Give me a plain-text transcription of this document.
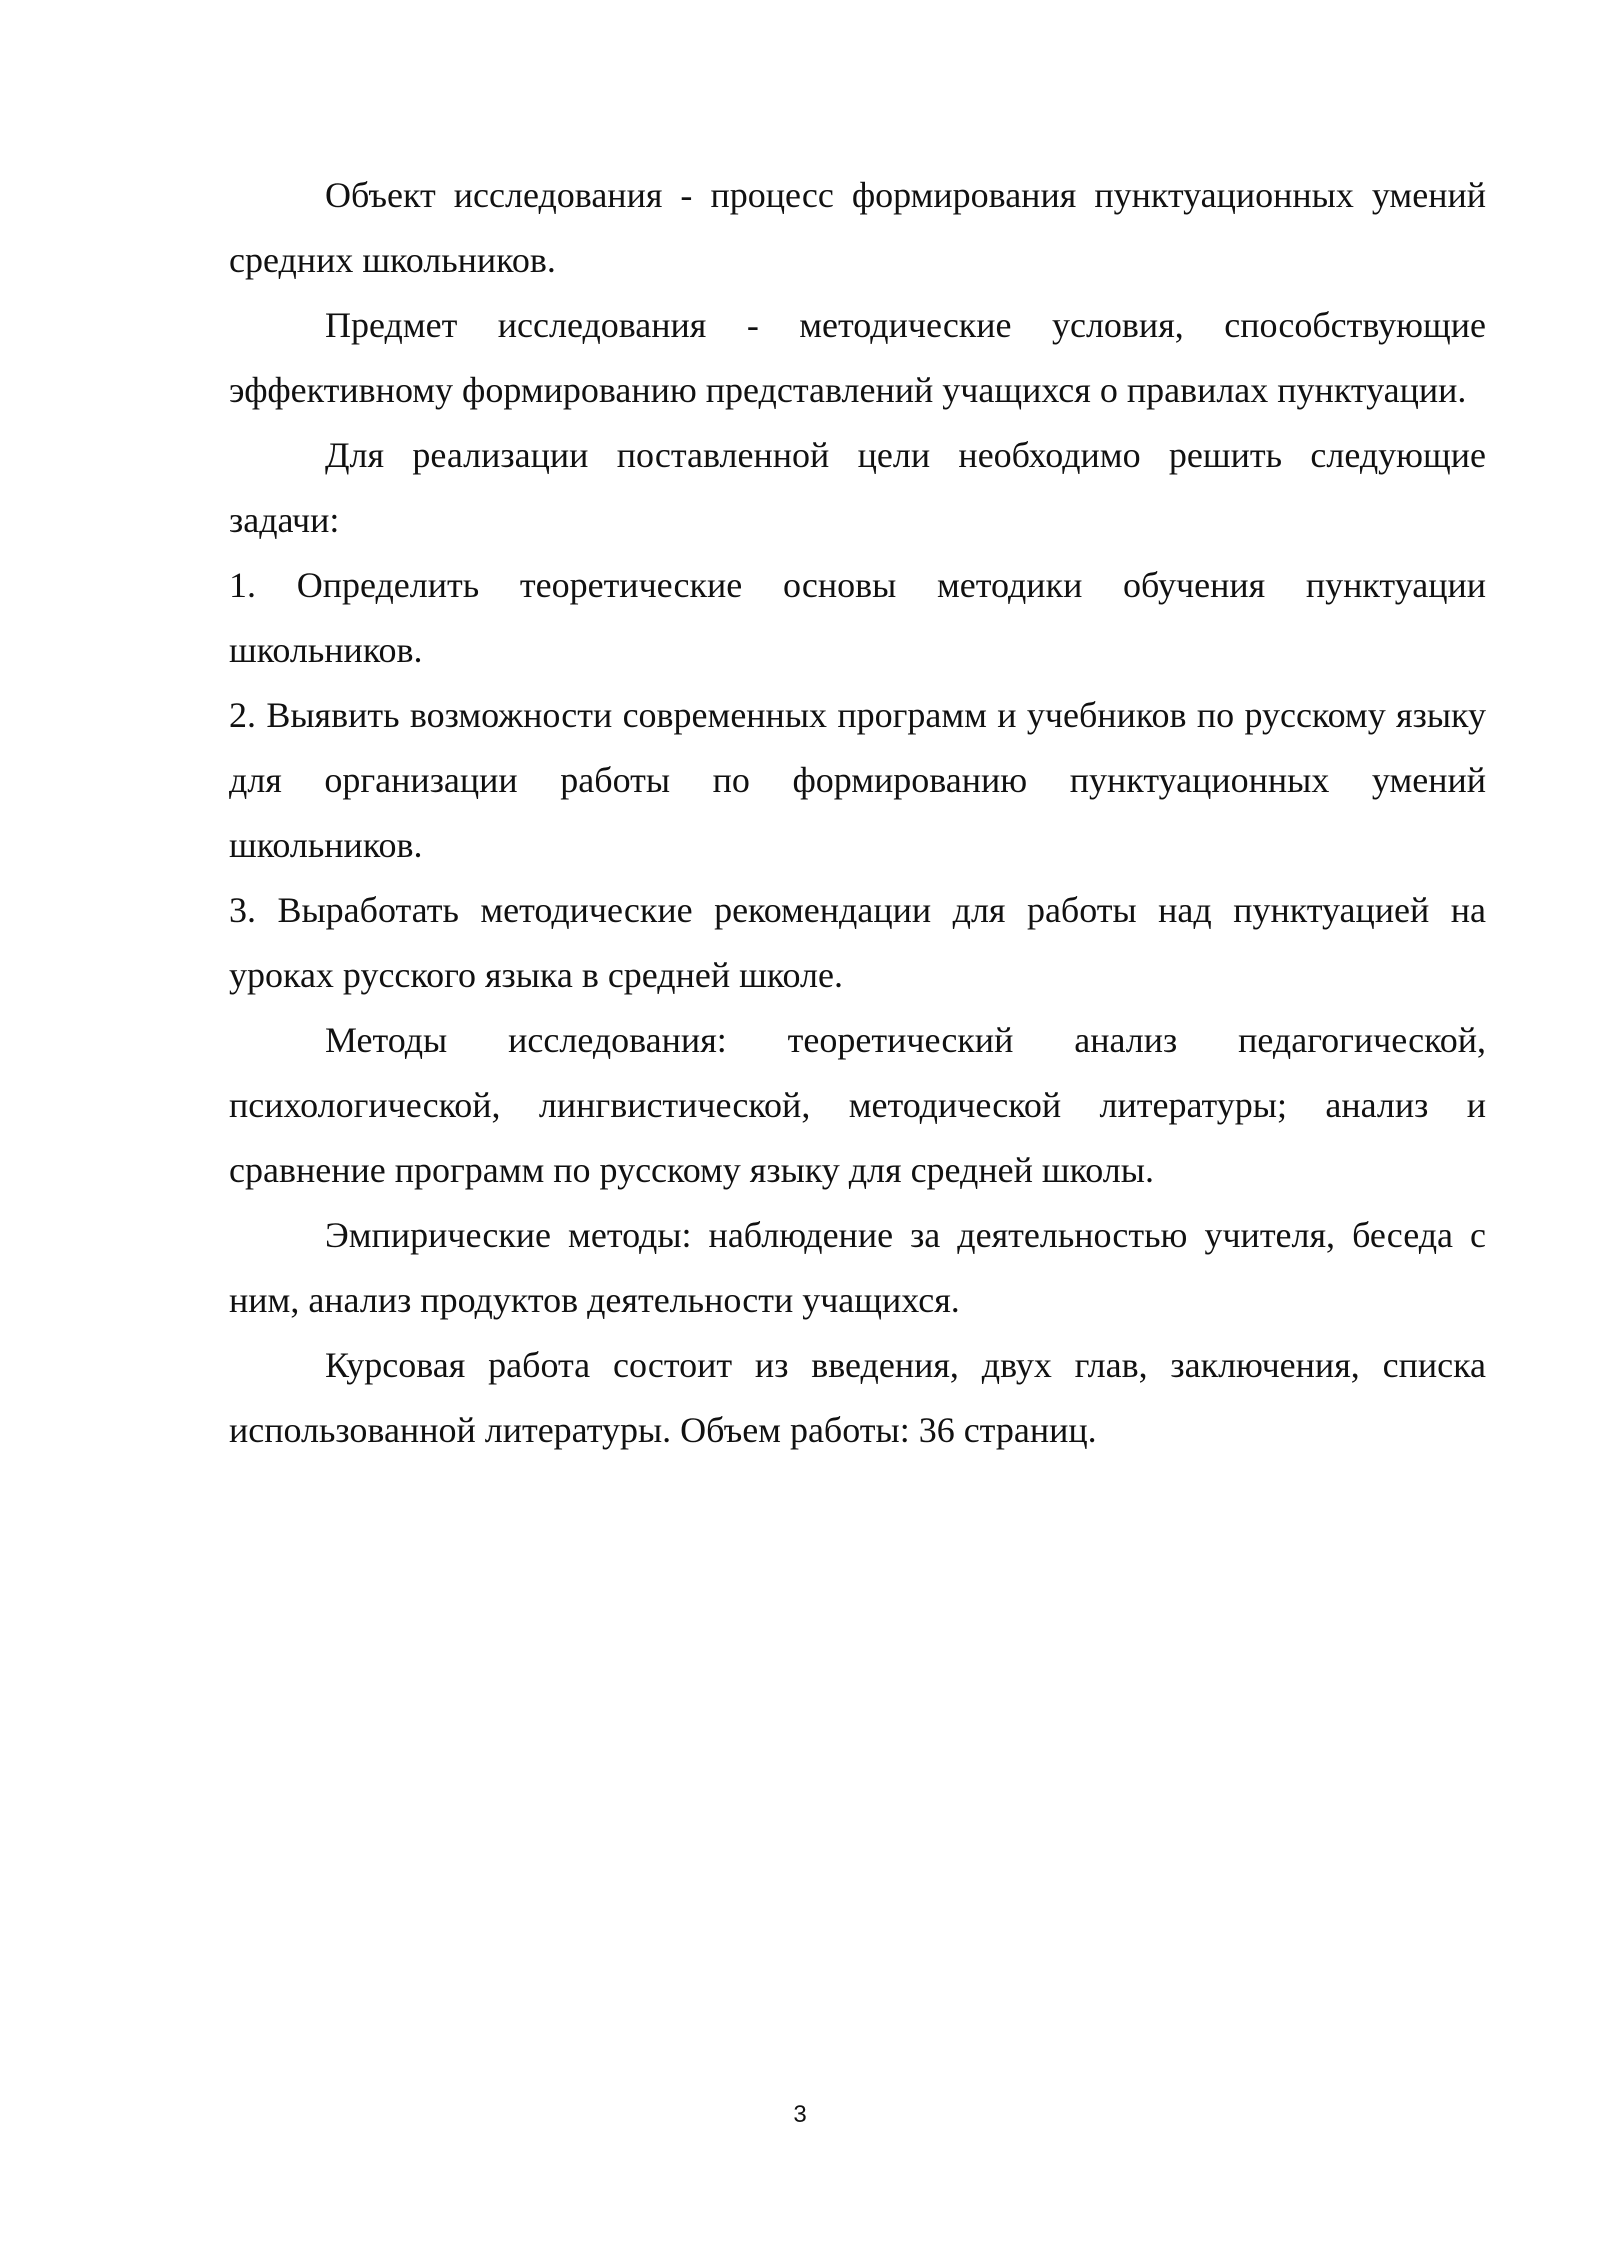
Объект исследования - процесс формирования пунктуационных умений средних школьников.

Предмет исследования - методические условия, способствующие эффективному формированию представлений учащихся о правилах пунктуации.

Для реализации поставленной цели необходимо решить следующие задачи:

1. Определить теоретические основы методики обучения пунктуации школьников.

2. Выявить возможности современных программ и учебников по русскому языку для организации работы по формированию пунктуационных умений школьников.

3. Выработать методические рекомендации для работы над пунктуацией на уроках русского языка в средней школе.

Методы исследования: теоретический анализ педагогической, психологической, лингвистической, методической литературы; анализ и сравнение программ по русскому языку для средней школы.

Эмпирические методы: наблюдение за деятельностью учителя, беседа с ним, анализ продуктов деятельности учащихся.

Курсовая работа состоит из введения, двух глав, заключения, списка использованной литературы. Объем работы: 36 страниц.

3
